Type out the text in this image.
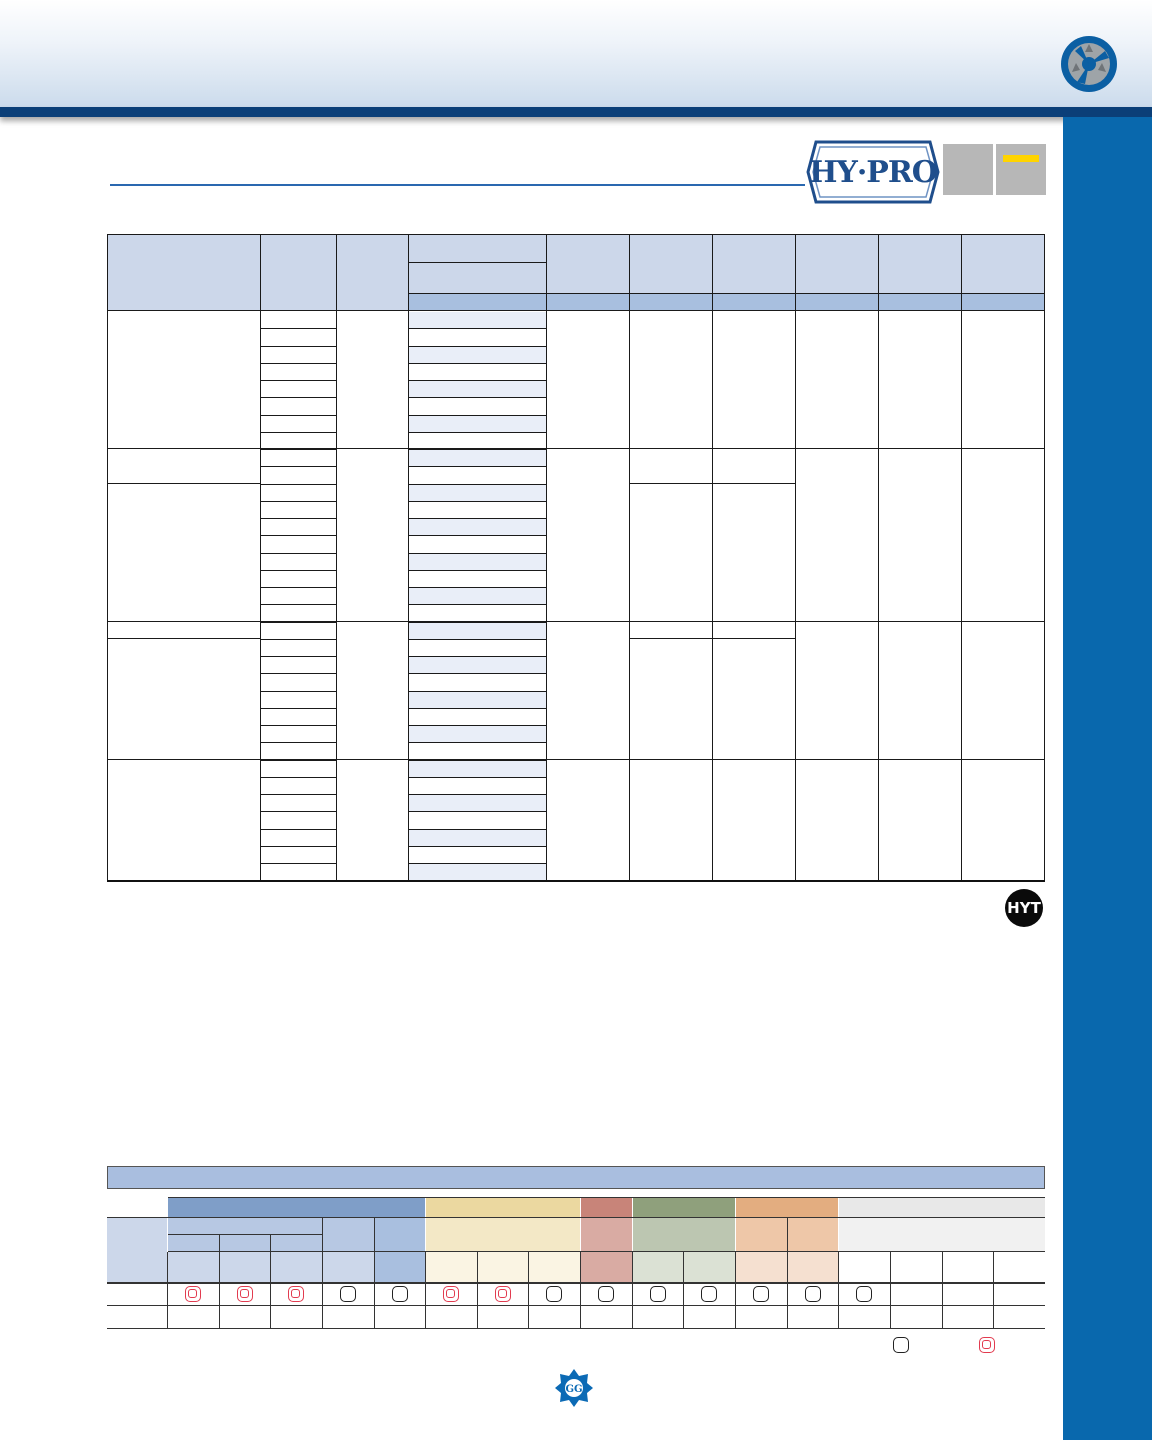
HY·PRO
HYT
GG
